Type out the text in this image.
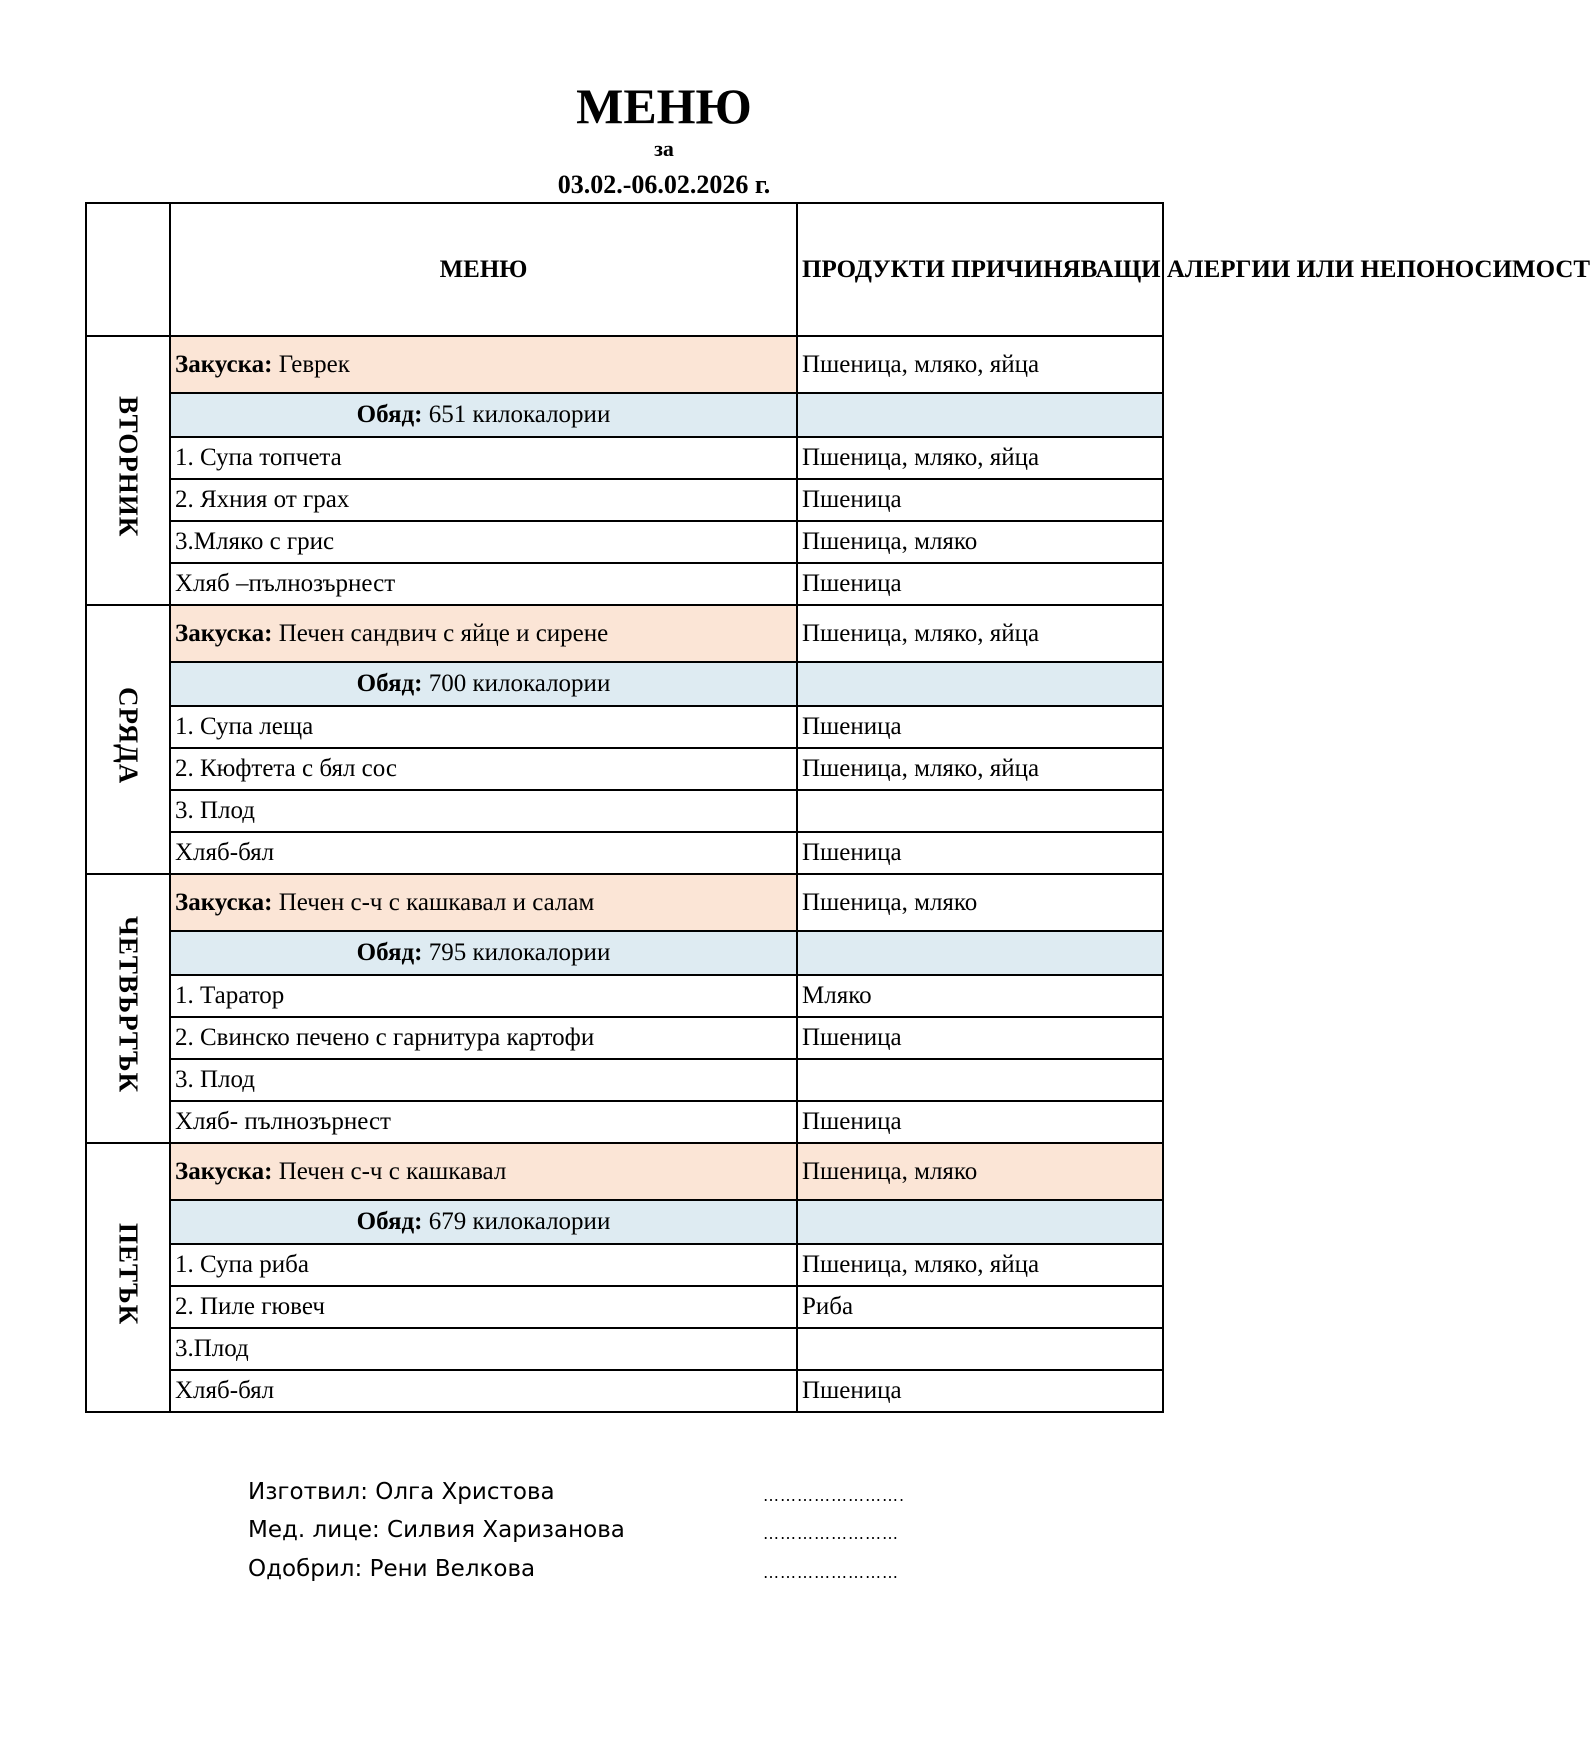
МЕНЮ
за
03.02.-06.02.2026 г.
	МЕНЮ	ПРОДУКТИ ПРИЧИНЯВАЩИ АЛЕРГИИ ИЛИ НЕПОНОСИМОСТ
ВТОРНИК	Закуска: Геврек	Пшеница, мляко, яйца
	Обяд: 651 килокалории	
	1. Супа топчета	Пшеница, мляко, яйца
	2. Яхния от грах	Пшеница
	3.Мляко с грис	Пшеница, мляко
	Хляб –пълнозърнест	Пшеница
СРЯДА	Закуска: Печен сандвич с яйце и сирене	Пшеница, мляко, яйца
	Обяд: 700 килокалории	
	1. Супа леща	Пшеница
	2. Кюфтета с бял сос	Пшеница, мляко, яйца
	3. Плод	
	Хляб-бял	Пшеница
ЧЕТВЪРТЪК	Закуска: Печен с-ч с кашкавал и салам	Пшеница, мляко
	Обяд: 795 килокалории	
	1. Таратор	Мляко
	2. Свинско печено с гарнитура картофи	Пшеница
	3. Плод	
	Хляб- пълнозърнест	Пшеница
ПЕТЪК	Закуска: Печен с-ч с кашкавал	Пшеница, мляко
	Обяд: 679 килокалории	
	1. Супа риба	Пшеница, мляко, яйца
	2. Пиле гювеч	Риба
	3.Плод	
	Хляб-бял	Пшеница
Изготвил: Олга Христова	…………………….
Мед. лице: Силвия Харизанова	……………………
Одобрил: Рени Велкова	……………………
